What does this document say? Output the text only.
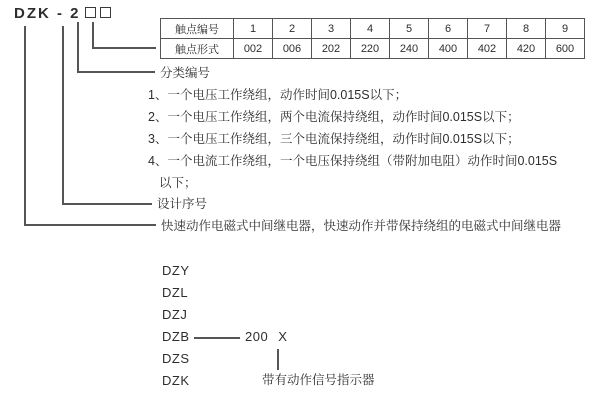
DZK - 2
触点编号	1	2	3	4	5	6	7	8	9
触点形式	002	006	202	220	240	400	402	420	600
分类编号
1、一个电压工作绕组，动作时间0.015S以下；
2、一个电压工作绕组，两个电流保持绕组，动作时间0.015S以下；
3、一个电压工作绕组，三个电流保持绕组，动作时间0.015S以下；
4、一个电流工作绕组，一个电压保持绕组（带附加电阻）动作时间0.015S
以下；
设计序号
快速动作电磁式中间继电器，快速动作并带保持绕组的电磁式中间继电器
DZY
DZL
DZJ
DZB
DZS
DZK
200 X
带有动作信号指示器
